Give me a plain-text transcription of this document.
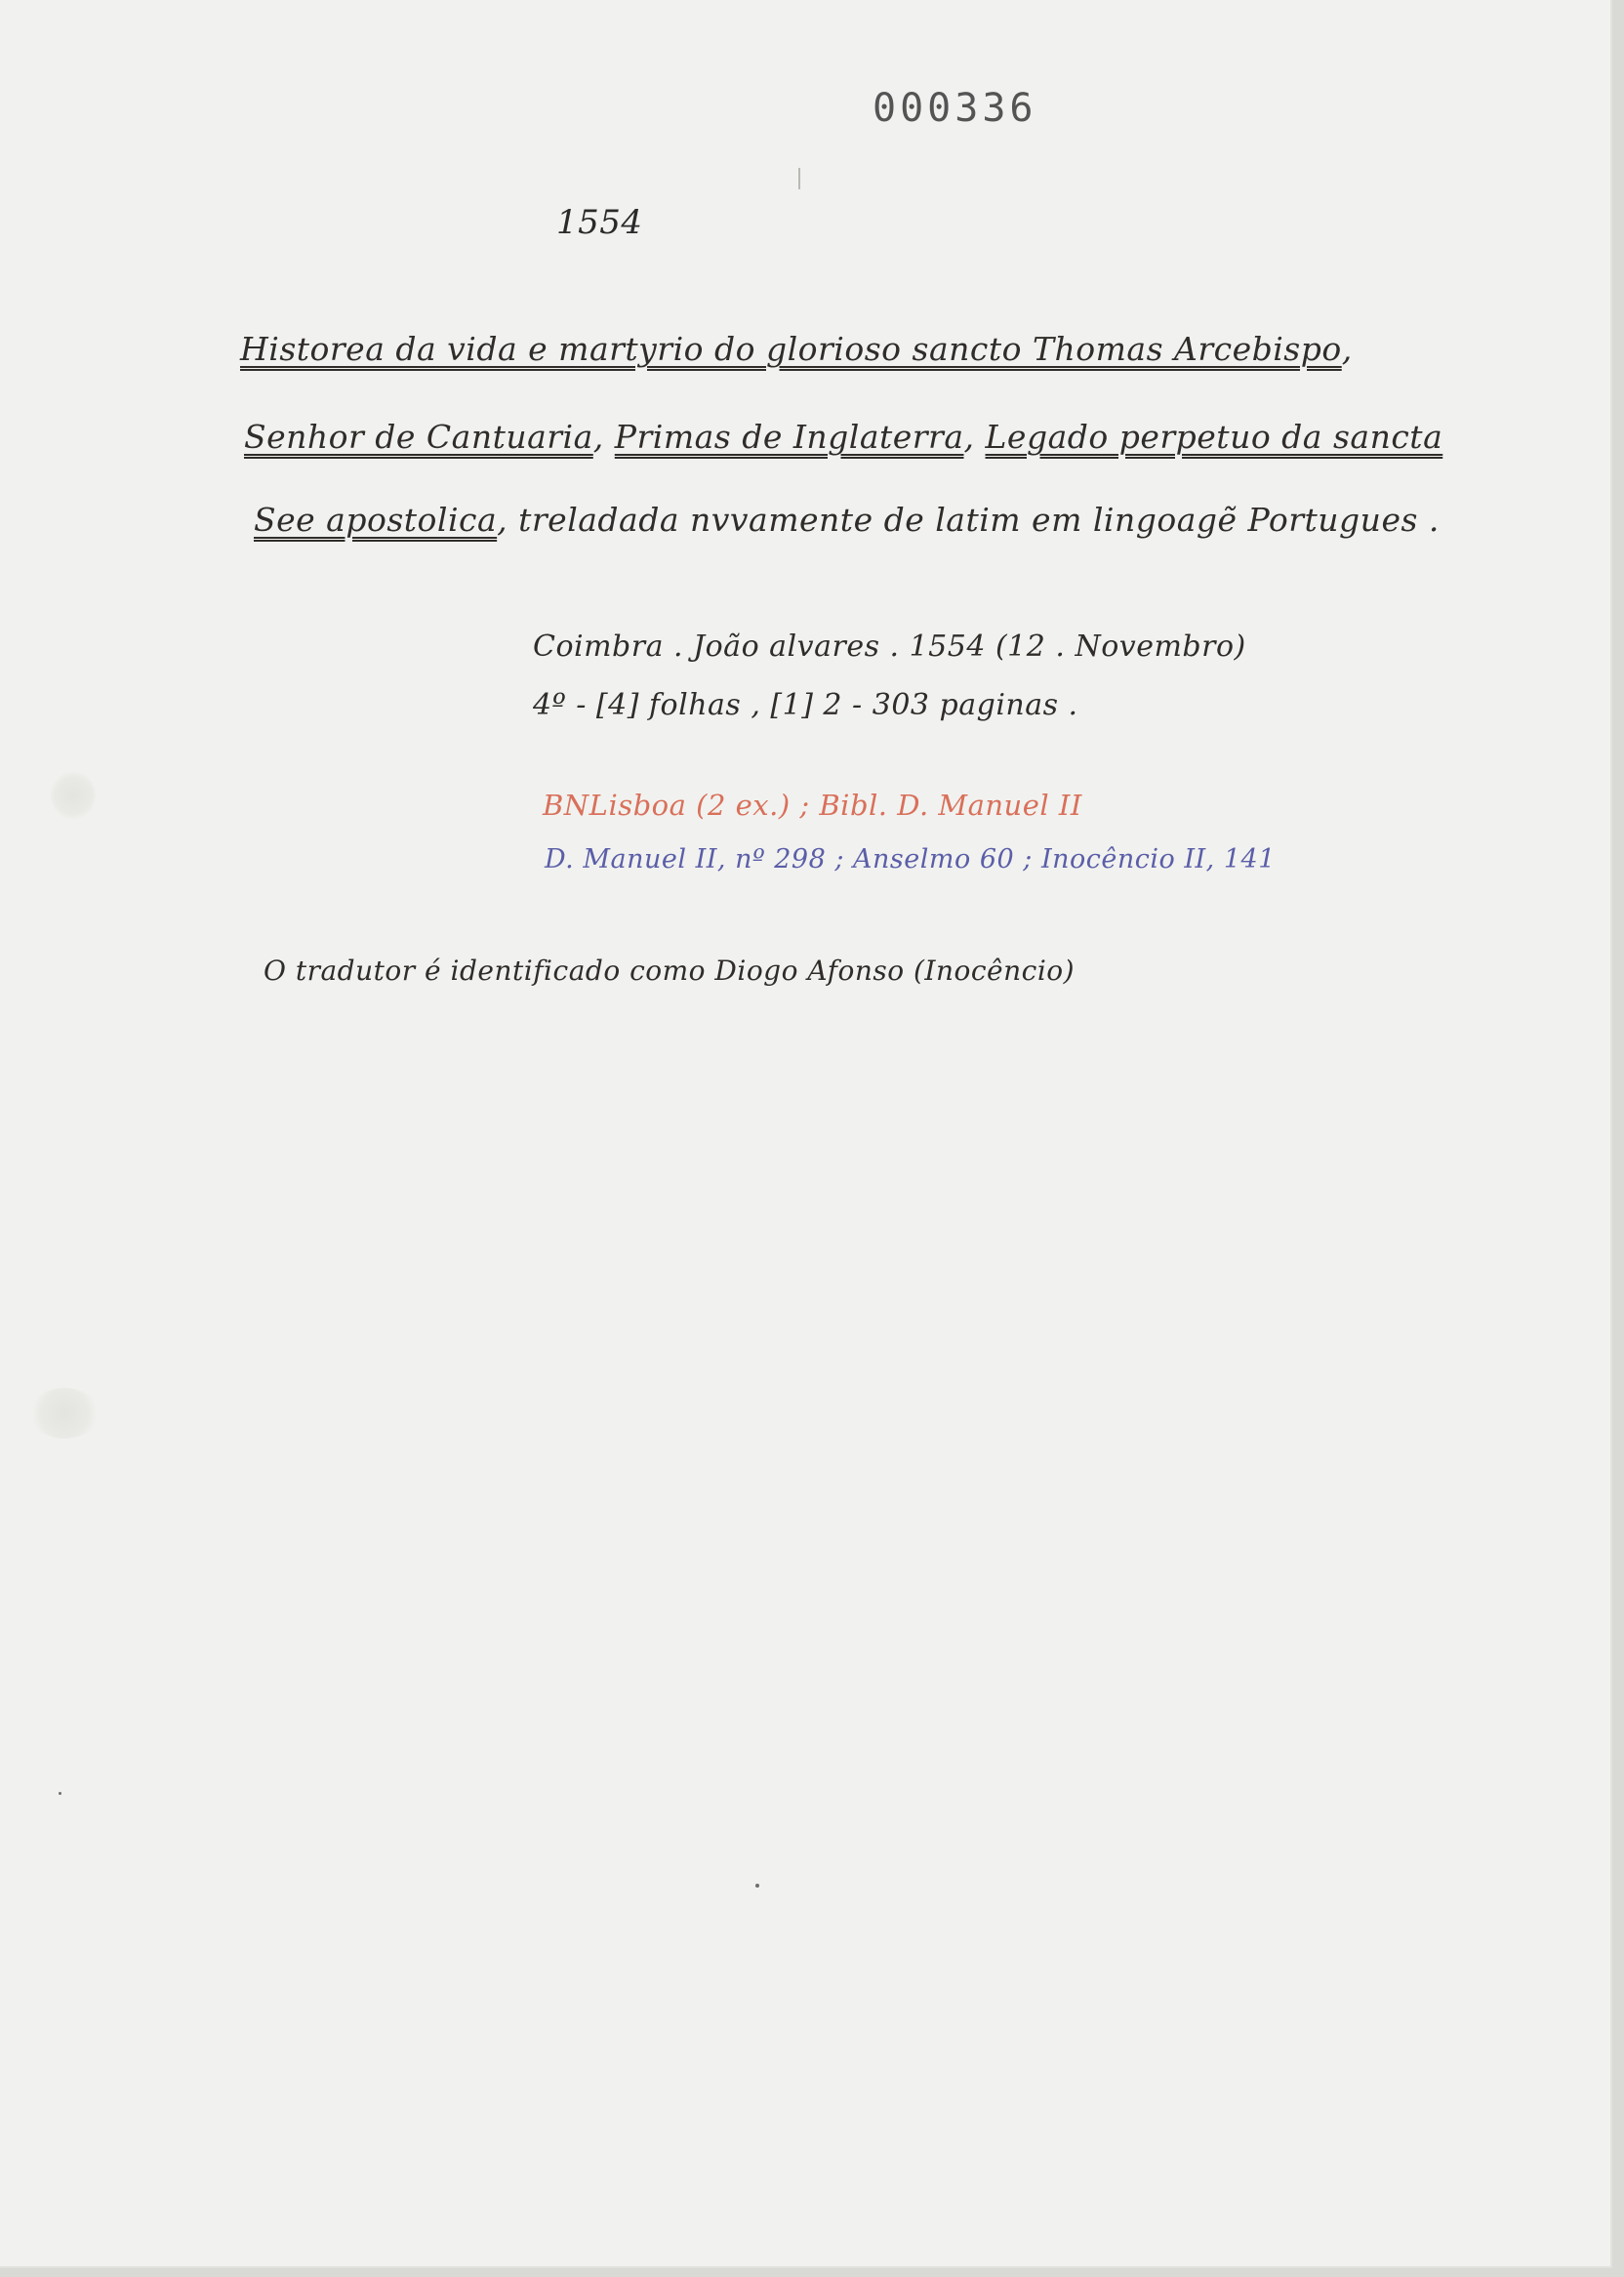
000336
1554
Historea da vida e martyrio do glorioso sancto Thomas Arcebispo,
Senhor de Cantuaria, Primas de Inglaterra, Legado perpetuo da sancta
See apostolica, treladada nvvamente de latim em lingoagẽ Portugues .
Coimbra . João alvares . 1554 (12 . Novembro)
4º - [4] folhas , [1] 2 - 303 paginas .
BNLisboa (2 ex.) ; Bibl. D. Manuel II
D. Manuel II, nº 298 ; Anselmo 60 ; Inocêncio II, 141
O tradutor é identificado como Diogo Afonso (Inocêncio)
